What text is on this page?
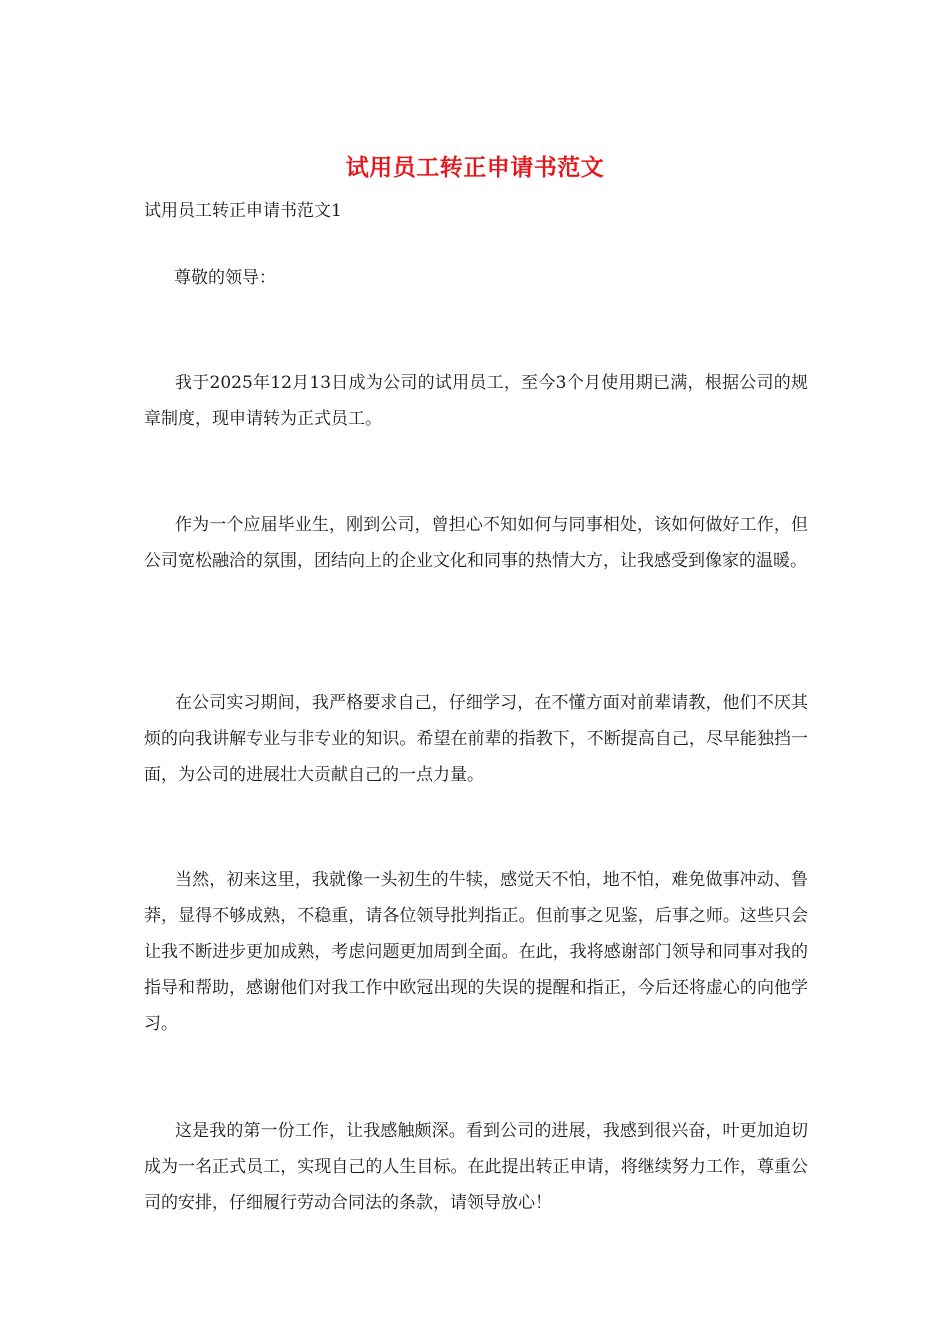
试用员工转正申请书范文
试用员工转正申请书范文1
尊敬的领导：

我于2025年12月13日成为公司的试用员工，至今3个月使用期已满，根据公司的规章制度，现申请转为正式员工。

作为一个应届毕业生，刚到公司，曾担心不知如何与同事相处，该如何做好工作，但公司宽松融洽的氛围，团结向上的企业文化和同事的热情大方，让我感受到像家的温暖。

在公司实习期间，我严格要求自己，仔细学习，在不懂方面对前辈请教，他们不厌其烦的向我讲解专业与非专业的知识。希望在前辈的指教下，不断提高自己，尽早能独挡一面，为公司的进展壮大贡献自己的一点力量。

当然，初来这里，我就像一头初生的牛犊，感觉天不怕，地不怕，难免做事冲动、鲁莽，显得不够成熟，不稳重，请各位领导批判指正。但前事之见鉴，后事之师。这些只会让我不断进步更加成熟，考虑问题更加周到全面。在此，我将感谢部门领导和同事对我的指导和帮助，感谢他们对我工作中欧冠出现的失误的提醒和指正，今后还将虚心的向他学习。

这是我的第一份工作，让我感触颇深。看到公司的进展，我感到很兴奋，叶更加迫切成为一名正式员工，实现自己的人生目标。在此提出转正申请，将继续努力工作，尊重公司的安排，仔细履行劳动合同法的条款，请领导放心！
